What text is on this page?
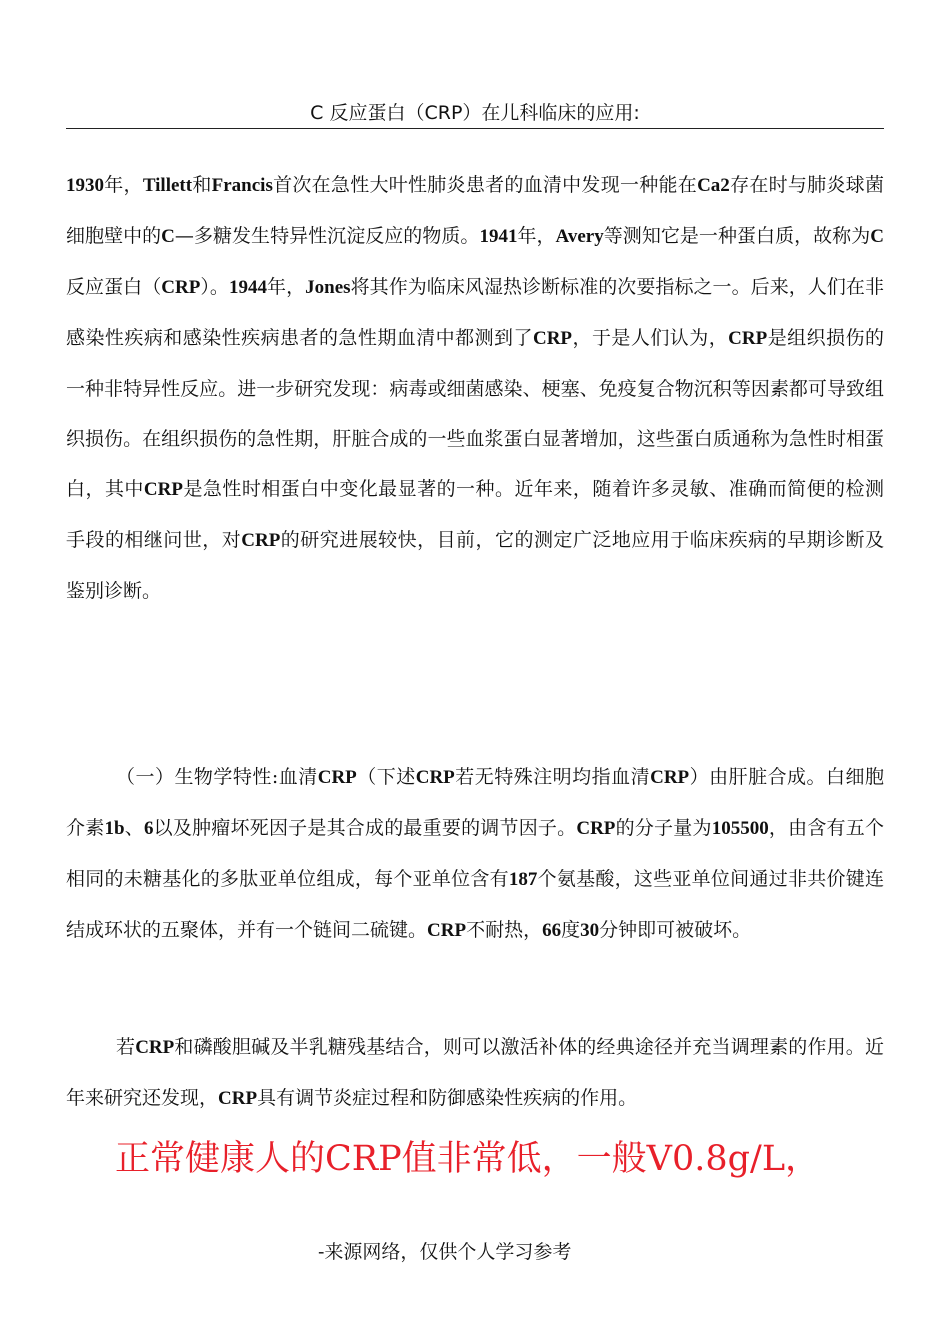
C 反应蛋白（CRP）在儿科临床的应用:

1930年，Tillett和Francis首次在急性大叶性肺炎患者的血清中发现一种能在Ca2存在时与肺炎球菌细胞壁中的C—多糖发生特异性沉淀反应的物质。1941年，Avery等测知它是一种蛋白质，故称为C反应蛋白（CRP）。1944年，Jones将其作为临床风湿热诊断标准的次要指标之一。后来，人们在非感染性疾病和感染性疾病患者的急性期血清中都测到了CRP，于是人们认为，CRP是组织损伤的一种非特异性反应。进一步研究发现：病毒或细菌感染、梗塞、免疫复合物沉积等因素都可导致组织损伤。在组织损伤的急性期，肝脏合成的一些血浆蛋白显著增加，这些蛋白质通称为急性时相蛋白，其中CRP是急性时相蛋白中变化最显著的一种。近年来，随着许多灵敏、准确而简便的检测手段的相继问世，对CRP的研究进展较快，目前，它的测定广泛地应用于临床疾病的早期诊断及鉴别诊断。

（一）生物学特性:血清CRP（下述CRP若无特殊注明均指血清CRP）由肝脏合成。白细胞介素1b、6以及肿瘤坏死因子是其合成的最重要的调节因子。CRP的分子量为105500，由含有五个相同的未糖基化的多肽亚单位组成，每个亚单位含有187个氨基酸，这些亚单位间通过非共价键连结成环状的五聚体，并有一个链间二硫键。CRP不耐热，66度30分钟即可被破坏。

若CRP和磷酸胆碱及半乳糖残基结合，则可以激活补体的经典途径并充当调理素的作用。近年来研究还发现，CRP具有调节炎症过程和防御感染性疾病的作用。

正常健康人的CRP值非常低，一般V0.8g/L，

-来源网络，仅供个人学习参考
